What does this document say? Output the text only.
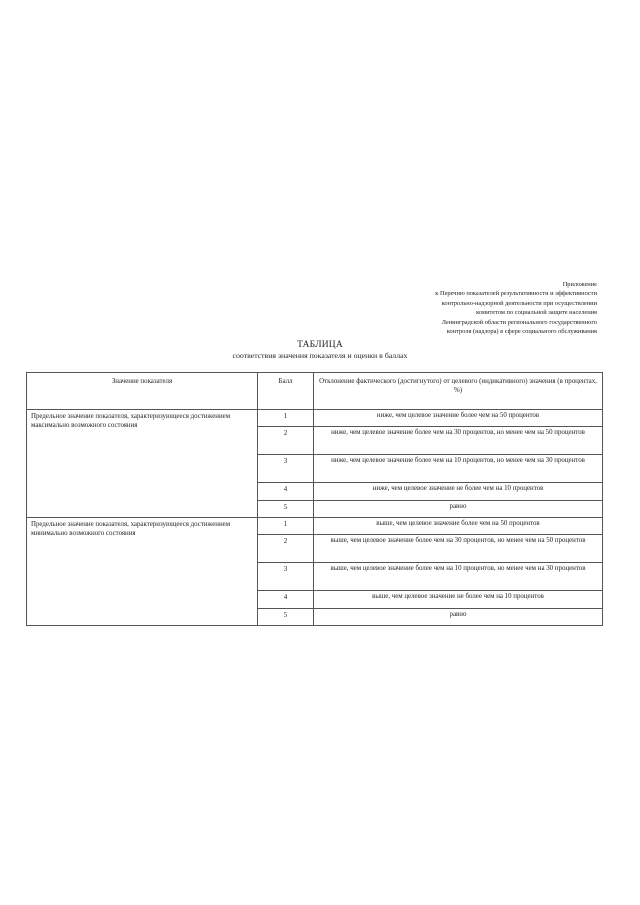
Приложение
к Перечню показателей результативности и эффективности
контрольно-надзорной деятельности при осуществлении
комитетом по социальной защите населения
Ленинградской области регионального государственного
контроля (надзора) в сфере социального обслуживания
ТАБЛИЦА
соответствия значения показателя и оценки в баллах
Значение показателя	Балл	Отклонение фактического (достигнутого) от целевого (индикативного) значения (в процентах, %)
Предельное значение показателя, характеризующееся достижением максимально возможного состояния	1	ниже, чем целевое значение более чем на 50 процентов
	2	ниже, чем целевое значение более чем на 30 процентов, но менее чем на 50 процентов
	3	ниже, чем целевое значение более чем на 10 процентов, но менее чем на 30 процентов
	4	ниже, чем целевое значение не более чем на 10 процентов
	5	равно
Предельное значение показателя, характеризующееся достижением минимально возможного состояния	1	выше, чем целевое значение более чем на 50 процентов
	2	выше, чем целевое значение более чем на 30 процентов, но менее чем на 50 процентов
	3	выше, чем целевое значение более чем на 10 процентов, но менее чем на 30 процентов
	4	выше, чем целевое значение не более чем на 10 процентов
	5	равно
